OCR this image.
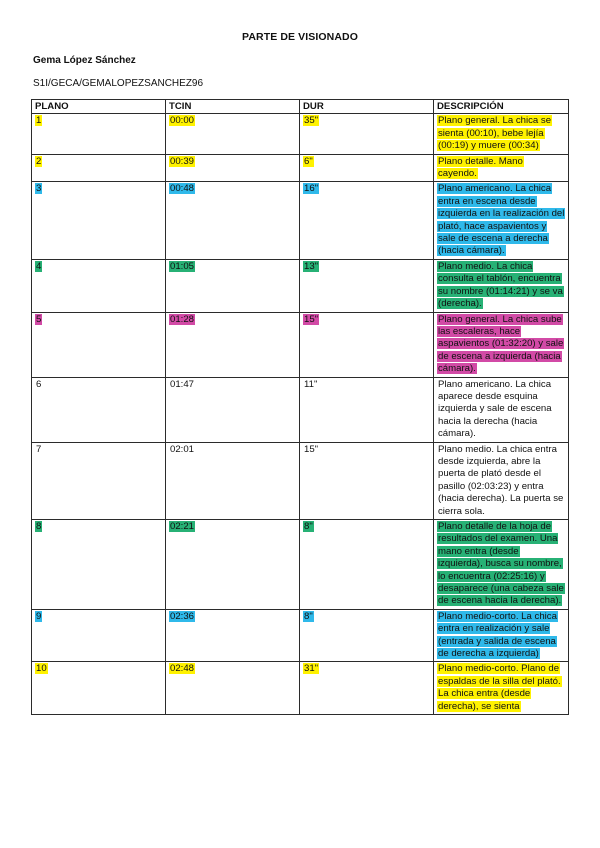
PARTE DE VISIONADO
Gema López Sánchez
S1I/GECA/GEMALOPEZSANCHEZ96
PLANO	TCIN	DUR	DESCRIPCIÓN
1	00:00	35"	Plano general. La chica se sienta (00:10), bebe lejía (00:19) y muere (00:34)
2	00:39	6"	Plano detalle. Mano cayendo.
3	00:48	16"	Plano americano. La chica entra en escena desde izquierda en la realización del plató, hace aspavientos y sale de escena a derecha (hacia cámara).
4	01:05	13"	Plano medio. La chica consulta el tablón, encuentra su nombre (01:14:21) y se va (derecha).
5	01:28	15"	Plano general. La chica sube las escaleras, hace aspavientos (01:32:20) y sale de escena a izquierda (hacia cámara).
6	01:47	11"	Plano americano. La chica aparece desde esquina izquierda y sale de escena hacia la derecha (hacia cámara).
7	02:01	15"	Plano medio. La chica entra desde izquierda, abre la puerta de plató desde el pasillo (02:03:23) y entra (hacia derecha). La puerta se cierra sola.
8	02:21	8"	Plano detalle de la hoja de resultados del examen. Una mano entra (desde izquierda), busca su nombre, lo encuentra (02:25:16) y desaparece (una cabeza sale de escena hacia la derecha).
9	02:36	8"	Plano medio-corto. La chica entra en realización y sale (entrada y salida de escena de derecha a izquierda)
10	02:48	31"	Plano medio-corto. Plano de espaldas de la silla del plató. La chica entra (desde derecha), se sienta
